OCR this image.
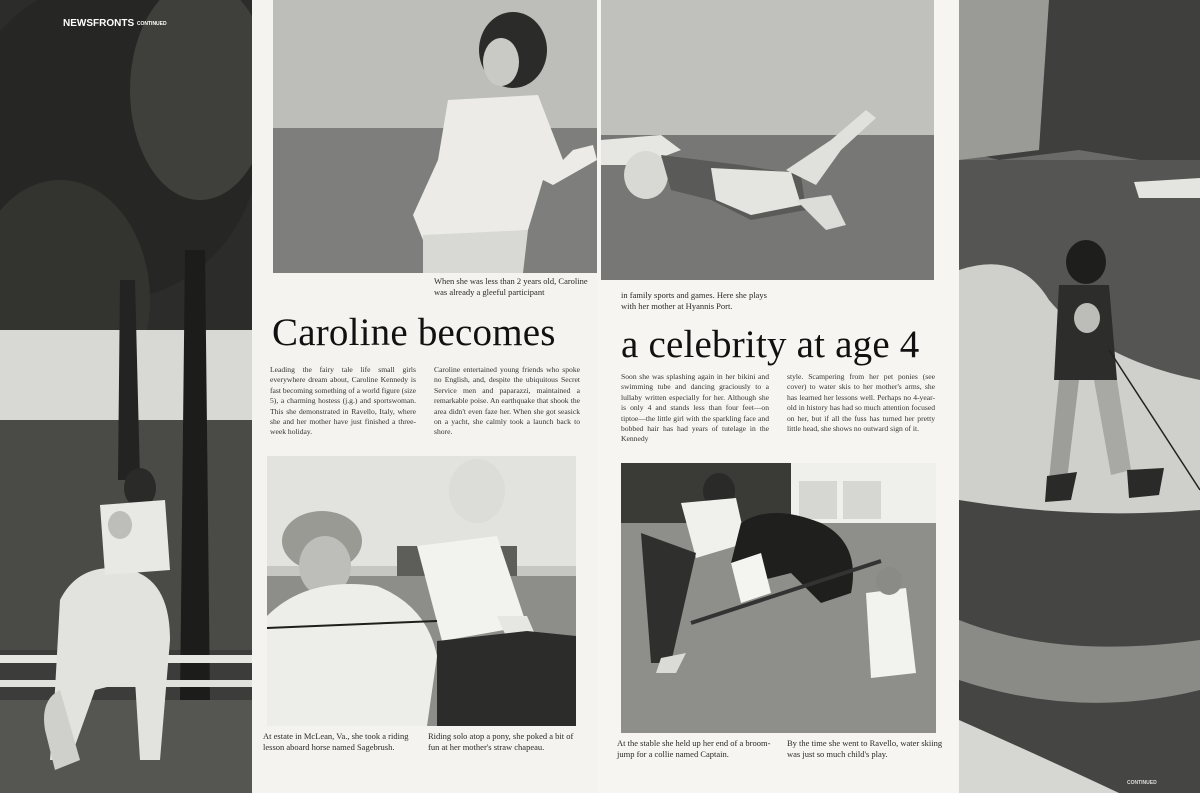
When she was less than 2 years old, Caroline was already a gleeful participant	in family sports and games. Here she plays with her mother at Hyannis Port.
Caroline becomes a celebrity at age 4
Leading the fairy tale life small girls everywhere dream about, Caroline Kennedy is fast becoming something of a world figure (size 5), a charming hostess (j.g.) and sportswoman. This she demonstrated in Ravello, Italy, where she and her mother have just finished a three-week holiday.
Caroline entertained young friends who spoke no English, and, despite the ubiquitous Secret Service men and paparazzi, maintained a remarkable poise. An earthquake that shook the area didn't even faze her. When she got seasick on a yacht, she calmly took a launch back to shore.
Soon she was splashing again in her bikini and swimming tube and dancing graciously to a lullaby written especially for her. Although she is only 4 and stands less than four feet—on tiptoe—the little girl with the sparkling face and bobbed hair has had years of tutelage in the Kennedy
style. Scampering from her pet ponies (see cover) to water skis to her mother's arms, she has learned her lessons well. Perhaps no 4-year-old in history has had so much attention focused on her, but if all the fuss has turned her pretty little head, she shows no outward sign of it.
At estate in McLean, Va., she took a riding lesson aboard horse named Sagebrush.
Riding solo atop a pony, she poked a bit of fun at her mother's straw chapeau.	At the stable she held up her end of a broom-jump for a collie named Captain.
By the time she went to Ravello, water skiing was just so much child's play.
NEWSFRONTS CONTINUED
CONTINUED
